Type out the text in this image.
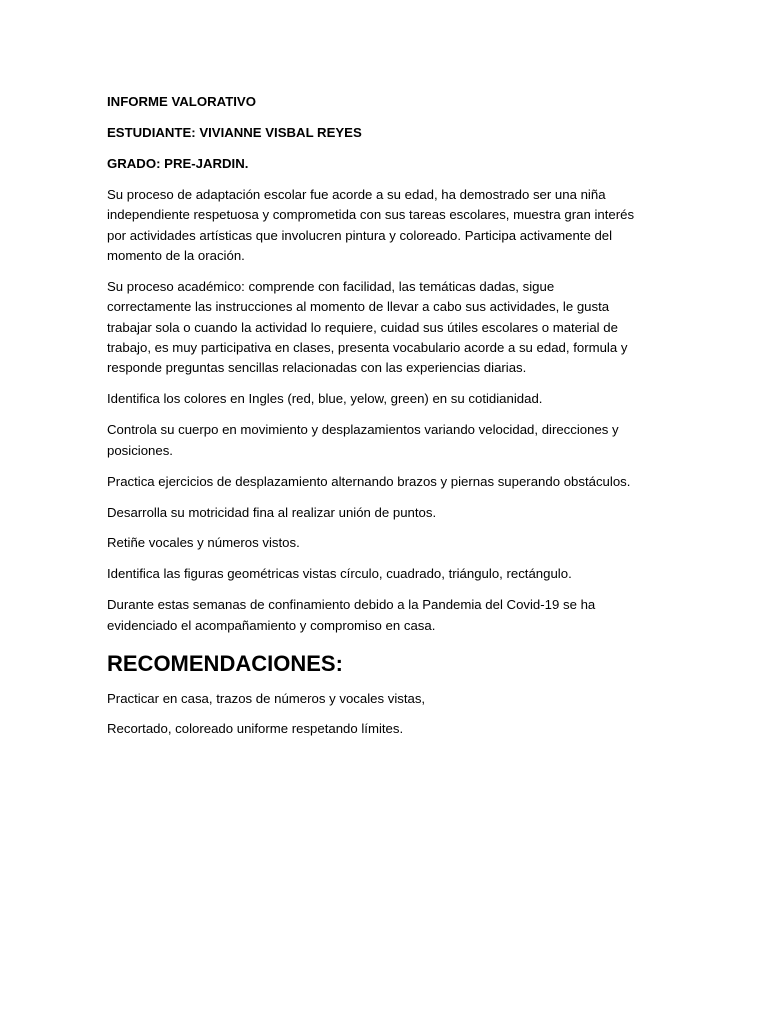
INFORME VALORATIVO

ESTUDIANTE: VIVIANNE VISBAL REYES

GRADO: PRE-JARDIN.

Su proceso de adaptación escolar fue acorde a su edad, ha demostrado ser una niña

independiente respetuosa y comprometida con sus tareas escolares, muestra gran interés

por actividades artísticas que involucren pintura y coloreado. Participa activamente del

momento de la oración.

Su proceso académico: comprende con facilidad, las temáticas dadas, sigue

correctamente las instrucciones al momento de llevar a cabo sus actividades, le gusta

trabajar sola o cuando la actividad lo requiere, cuidad sus útiles escolares o material de

trabajo, es muy participativa en clases, presenta vocabulario acorde a su edad, formula y

responde preguntas sencillas relacionadas con las experiencias diarias.

Identifica los colores en Ingles (red, blue, yelow, green) en su cotidianidad.

Controla su cuerpo en movimiento y desplazamientos variando velocidad, direcciones y

posiciones.

Practica ejercicios de desplazamiento alternando brazos y piernas superando obstáculos.

Desarrolla su motricidad fina al realizar unión de puntos.

Retiñe vocales y números vistos.

Identifica las figuras geométricas vistas círculo, cuadrado, triángulo, rectángulo.

Durante estas semanas de confinamiento debido a la Pandemia del Covid-19 se ha

evidenciado el acompañamiento y compromiso en casa.

RECOMENDACIONES:

Practicar en casa, trazos de números y vocales vistas,

Recortado, coloreado uniforme respetando límites.
